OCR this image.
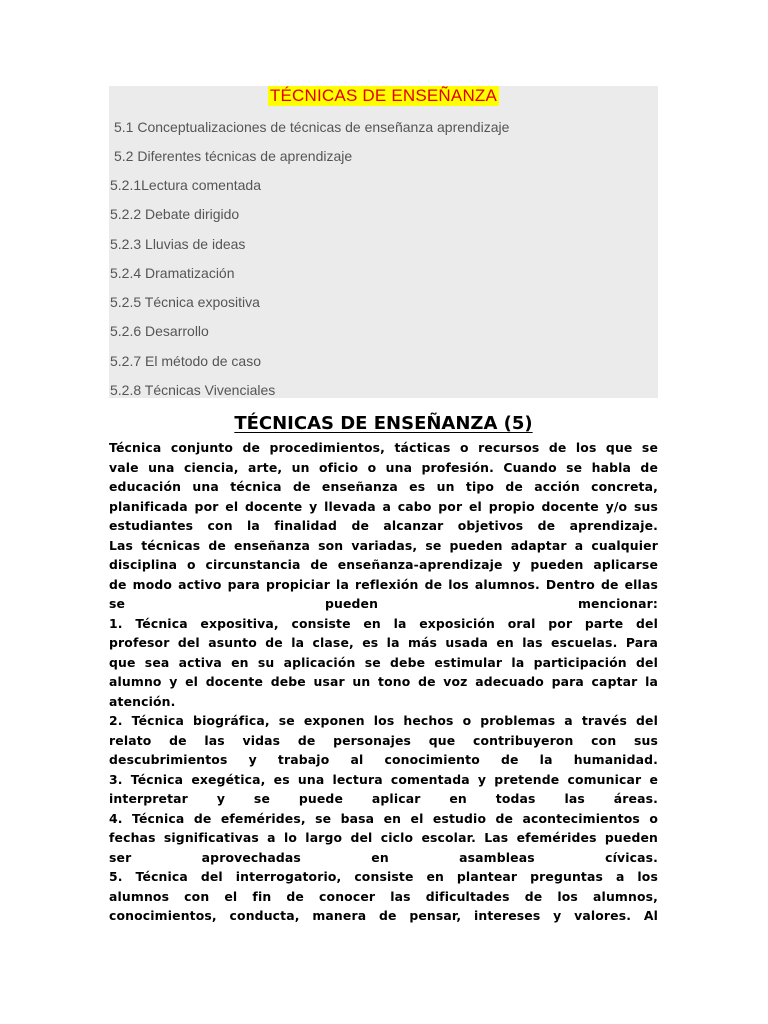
TÉCNICAS DE ENSEÑANZA
5.1 Conceptualizaciones de técnicas de enseñanza aprendizaje
5.2 Diferentes técnicas de aprendizaje
5.2.1Lectura comentada
5.2.2 Debate dirigido
5.2.3 Lluvias de ideas
5.2.4 Dramatización
5.2.5 Técnica expositiva
5.2.6 Desarrollo
5.2.7 El método de caso
5.2.8 Técnicas Vivenciales
TÉCNICAS DE ENSEÑANZA (5)
Técnica conjunto de procedimientos, tácticas o recursos de los que se
vale una ciencia, arte, un oficio o una profesión. Cuando se habla de
educación una técnica de enseñanza es un tipo de acción concreta,
planificada por el docente y llevada a cabo por el propio docente y/o sus
estudiantes con la finalidad de alcanzar objetivos de aprendizaje.
Las técnicas de enseñanza son variadas, se pueden adaptar a cualquier
disciplina o circunstancia de enseñanza-aprendizaje y pueden aplicarse
de modo activo para propiciar la reflexión de los alumnos. Dentro de ellas
se pueden mencionar:
1. Técnica expositiva, consiste en la exposición oral por parte del
profesor del asunto de la clase, es la más usada en las escuelas. Para
que sea activa en su aplicación se debe estimular la participación del
alumno y el docente debe usar un tono de voz adecuado para captar la
atención.
2. Técnica biográfica, se exponen los hechos o problemas a través del
relato de las vidas de personajes que contribuyeron con sus
descubrimientos y trabajo al conocimiento de la humanidad.
3. Técnica exegética, es una lectura comentada y pretende comunicar e
interpretar y se puede aplicar en todas las áreas.
4. Técnica de efemérides, se basa en el estudio de acontecimientos o
fechas significativas a lo largo del ciclo escolar. Las efemérides pueden
ser aprovechadas en asambleas cívicas.
5. Técnica del interrogatorio, consiste en plantear preguntas a los
alumnos con el fin de conocer las dificultades de los alumnos,
conocimientos, conducta, manera de pensar, intereses y valores. Al
